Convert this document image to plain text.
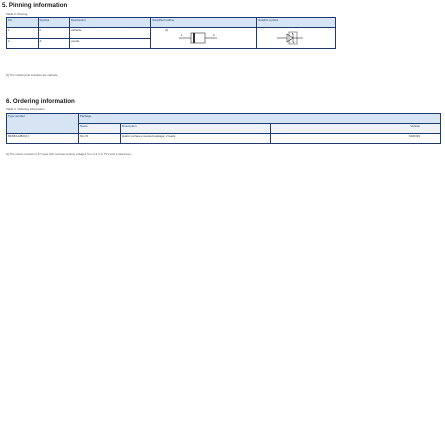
5. Pinning information
Table 2. Pinning
Pin	Symbol	Description	Simplified outline	Graphic symbol
1	K	cathode	[1]
1 2

2	A	anode		
[1] The marking bar indicates the cathode.
6. Ordering information
Table 3. Ordering information
Type number	Package		
	Name	Description	Version
BZX84-A/B/C[1]	SC-70	plastic surface-mounted package; 2 leads	SOD323
[1] The series consists of 37 types with nominal working voltages from 2.4 V to 75 V and 3 tolerances.
